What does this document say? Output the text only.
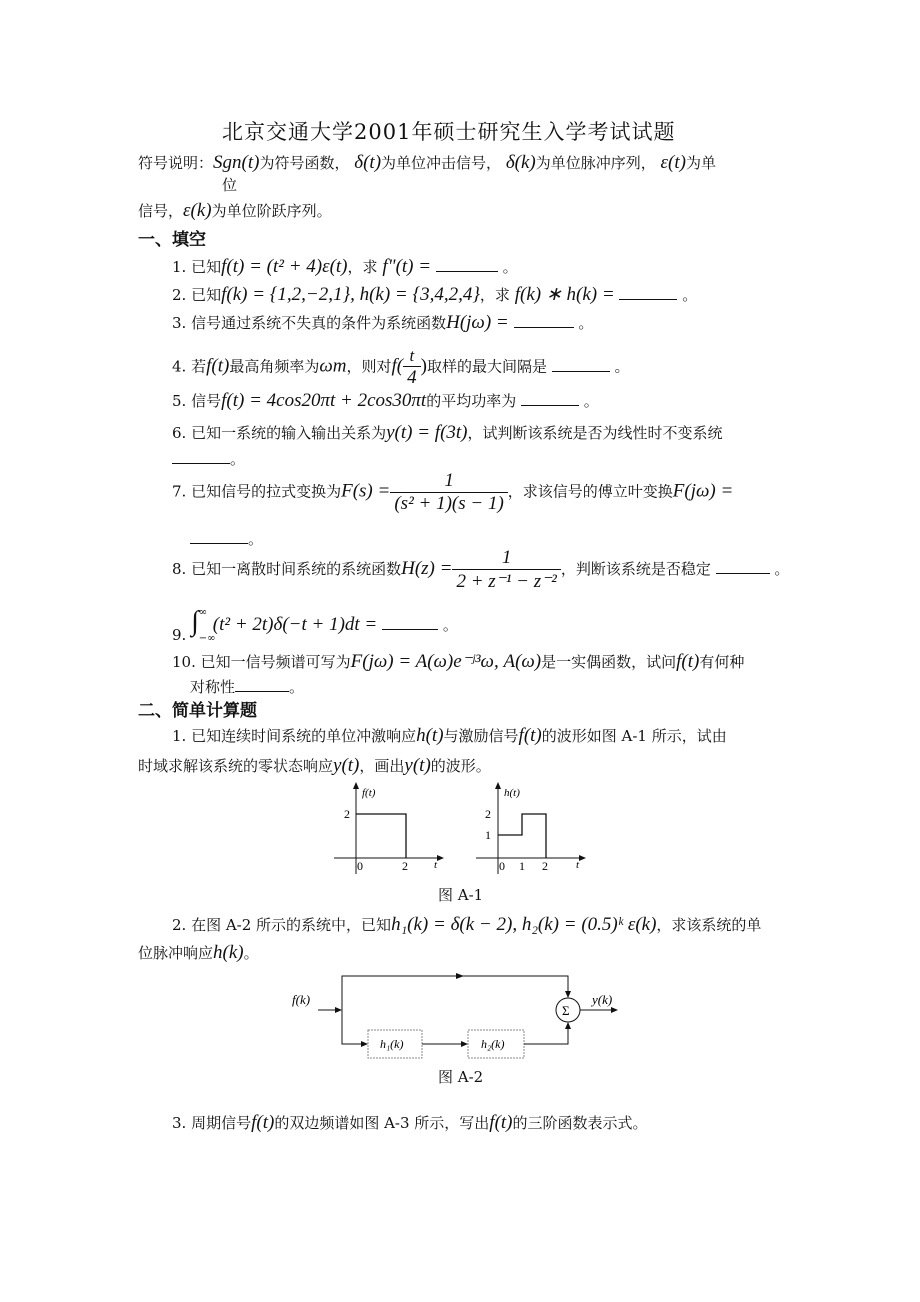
北京交通大学2001年硕士研究生入学考试试题
符号说明：Sgn(t)为符号函数， δ(t)为单位冲击信号， δ(k)为单位脉冲序列， ε(t)为单
位
信号，ε(k)为单位阶跃序列。
一、填空
1. 已知f(t) = (t² + 4)ε(t)，求 f"(t) =	。
2. 已知f(k) = {1,2,−2,1}, h(k) = {3,4,2,4}，求 f(k) ∗ h(k) =	。
3. 信号通过系统不失真的条件为系统函数H(jω) =	。
4. 若f(t)最高角频率为ωm，则对$f( \frac{t}{4}$ )取样的最大间隔是	。
5. 信号f(t) = 4cos20πt + 2cos30πt的平均功率为	。
6. 已知一系统的输入输出关系为y(t) = f(3t)，试判断该系统是否为线性时不变系统
。
7. 已知信号的拉式变换为$F(s) = \frac{1}{\text{(s² + 1)(s − 1)}}$ ，求该信号的傅立叶变换F(jω) =
。
8. 已知一离散时间系统的系统函数$H(z) = \frac{1}{\text{2 + z⁻¹ − z⁻²}}$ ，判断该系统是否稳定	。
9. ∫ ∞
−∞
(t² + 2t)δ(−t + 1)dt =	。
10. 已知一信号频谱可写为F(jω) = A(ω)e⁻ʲ³ω, A(ω)是一实偶函数，试问f(t)有何种
对称性	。
二、简单计算题
1. 已知连续时间系统的单位冲激响应h(t)与激励信号f(t)的波形如图 A-1 所示，试由
时域求解该系统的零状态响应y(t)，画出y(t)的波形。
f(t)
2
0	2 t
h(t)
2
1
0 1 2	t
图 A-1
2. 在图 A-2 所示的系统中，已知h₁(k) = δ(k − 2), h₂(k) = (0.5)ᵏ ε(k)，求该系统的单
位脉冲响应h(k)。
f(k)
h₁(k)	h₂(k)
Σ
y(k)
图 A-2
3. 周期信号f(t)的双边频谱如图 A-3 所示，写出f(t)的三阶函数表示式。
